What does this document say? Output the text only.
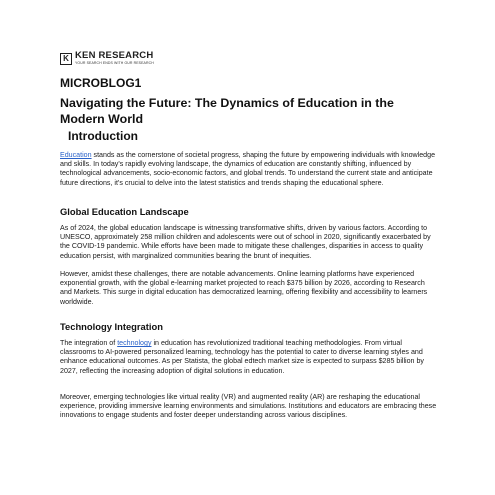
K KEN RESEARCH
YOUR SEARCH ENDS WITH OUR RESEARCH
MICROBLOG1
Navigating the Future: The Dynamics of Education in the Modern World
Introduction

Education stands as the cornerstone of societal progress, shaping the future by empowering individuals with knowledge and skills. In today's rapidly evolving landscape, the dynamics of education are constantly shifting, influenced by technological advancements, socio-economic factors, and global trends. To understand the current state and anticipate future directions, it's crucial to delve into the latest statistics and trends shaping the educational sphere.

Global Education Landscape

As of 2024, the global education landscape is witnessing transformative shifts, driven by various factors. According to UNESCO, approximately 258 million children and adolescents were out of school in 2020, significantly exacerbated by the COVID-19 pandemic. While efforts have been made to mitigate these challenges, disparities in access to quality education persist, with marginalized communities bearing the brunt of inequities.

However, amidst these challenges, there are notable advancements. Online learning platforms have experienced exponential growth, with the global e-learning market projected to reach $375 billion by 2026, according to Research and Markets. This surge in digital education has democratized learning, offering flexibility and accessibility to learners worldwide.

Technology Integration

The integration of technology in education has revolutionized traditional teaching methodologies. From virtual classrooms to AI-powered personalized learning, technology has the potential to cater to diverse learning styles and enhance educational outcomes. As per Statista, the global edtech market size is expected to surpass $285 billion by 2027, reflecting the increasing adoption of digital solutions in education.

Moreover, emerging technologies like virtual reality (VR) and augmented reality (AR) are reshaping the educational experience, providing immersive learning environments and simulations. Institutions and educators are embracing these innovations to engage students and foster deeper understanding across various disciplines.
